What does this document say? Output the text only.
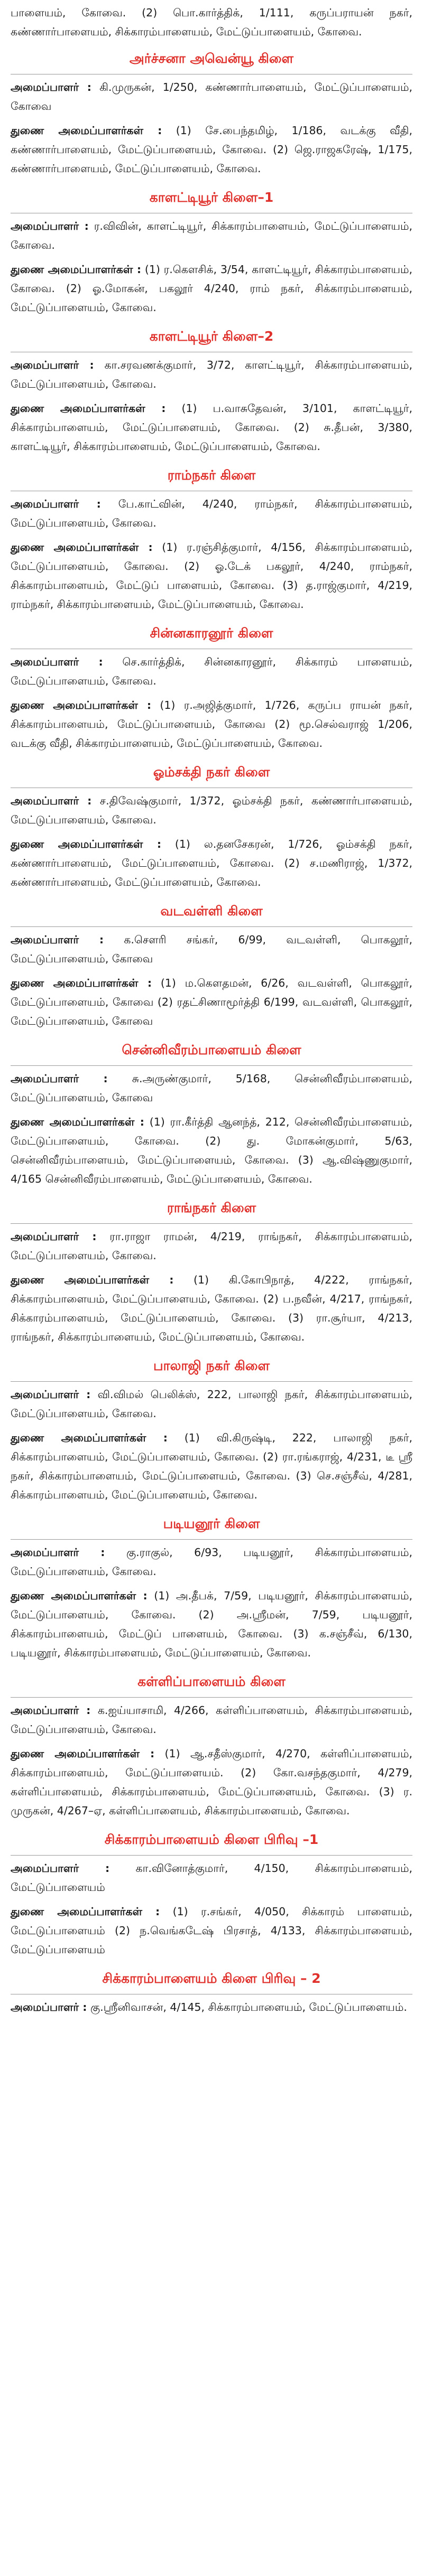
பாளையம், கோவை. (2) பொ.கார்த்திக், 1/111, கருப்பராயன் நகர், கண்ணார்பாளையம், சிக்காரம்பாளையம், மேட்டுப்பாளையம், கோவை.

அர்ச்சனா அவென்யூ கிளை

அமைப்பாளர் : கி.முருகன், 1/250, கண்ணார்பாளையம், மேட்டுப்பாளையம், கோவை

துணை அமைப்பாளர்கள் : (1) சே.பைந்தமிழ், 1/186, வடக்கு வீதி, கண்ணார்பாளையம், மேட்டுப்பாளையம், கோவை. (2) ஜெ.ராஜகரேஷ், 1/175, கண்ணார்பாளையம், மேட்டுப்பாளையம், கோவை.

காளட்டியூர் கிளை–1

அமைப்பாளர் : ர.விவின், காளட்டியூர், சிக்காரம்பாளையம், மேட்டுப்பாளையம், கோவை.

துணை அமைப்பாளர்கள் : (1) ர.கௌசிக், 3/54, காளட்டியூர், சிக்காரம்பாளையம், கோவை. (2) ஓ.மோகன், பகலூர் 4/240, ராம் நகர், சிக்காரம்பாளையம், மேட்டுப்பாளையம், கோவை.

காளட்டியூர் கிளை–2

அமைப்பாளர் : கா.சரவணக்குமார், 3/72, காளட்டியூர், சிக்காரம்பாளையம், மேட்டுப்பாளையம், கோவை.

துணை அமைப்பாளர்கள் : (1) ப.வாசுதேவன், 3/101, காளட்டியூர், சிக்காரம்பாளையம், மேட்டுப்பாளையம், கோவை. (2) சு.தீபன், 3/380, காளட்டியூர், சிக்காரம்பாளையம், மேட்டுப்பாளையம், கோவை.

ராம்நகர் கிளை

அமைப்பாளர் : பே.காட்வின், 4/240, ராம்நகர், சிக்காரம்பாளையம், மேட்டுப்பாளையம், கோவை.

துணை அமைப்பாளர்கள் : (1) ர.ரஞ்சித்குமார், 4/156, சிக்காரம்பாளையம், மேட்டுப்பாளையம், கோவை. (2) ஓ.டேக் பகலூர், 4/240, ராம்நகர், சிக்காரம்பாளையம், மேட்டுப் பாளையம், கோவை. (3) த.ராஜ்குமார், 4/219, ராம்நகர், சிக்காரம்பாளையம், மேட்டுப்பாளையம், கோவை.

சின்னகாரனூர் கிளை

அமைப்பாளர் : செ.கார்த்திக், சின்னகாரனூர், சிக்காரம் பாளையம், மேட்டுப்பாளையம், கோவை.

துணை அமைப்பாளர்கள் : (1) ர.அஜித்குமார், 1/726, கருப்ப ராயன் நகர், சிக்காரம்பாளையம், மேட்டுப்பாளையம், கோவை (2) மூ.செல்வராஜ் 1/206, வடக்கு வீதி, சிக்காரம்பாளையம், மேட்டுப்பாளையம், கோவை.

ஓம்சக்தி நகர் கிளை

அமைப்பாளர் : ச.திவேஷ்குமார், 1/372, ஓம்சக்தி நகர், கண்ணார்பாளையம், மேட்டுப்பாளையம், கோவை.

துணை அமைப்பாளர்கள் : (1) ல.தனசேகரன், 1/726, ஓம்சக்தி நகர், கண்ணார்பாளையம், மேட்டுப்பாளையம், கோவை. (2) ச.மணிராஜ், 1/372, கண்ணார்பாளையம், மேட்டுப்பாளையம், கோவை.

வடவள்ளி கிளை

அமைப்பாளர் : க.சௌரி சங்கர், 6/99, வடவள்ளி, பொகலூர், மேட்டுப்பாளையம், கோவை

துணை அமைப்பாளர்கள் : (1) ம.கௌதமன், 6/26, வடவள்ளி, பொகலூர், மேட்டுப்பாளையம், கோவை (2) ரதட்சிணாமூர்த்தி 6/199, வடவள்ளி, பொகலூர், மேட்டுப்பாளையம், கோவை

சென்னிவீரம்பாளையம் கிளை

அமைப்பாளர் : சு.அருண்குமார், 5/168, சென்னிவீரம்பாளையம், மேட்டுப்பாளையம், கோவை

துணை அமைப்பாளர்கள் : (1) ரா.கீர்த்தி ஆனந்த், 212, சென்னிவீரம்பாளையம், மேட்டுப்பாளையம், கோவை. (2) து. மோகன்குமார், 5/63, சென்னிவீரம்பாளையம், மேட்டுப்பாளையம், கோவை. (3) ஆ.விஷ்ணுகுமார், 4/165 சென்னிவீரம்பாளையம், மேட்டுப்பாளையம், கோவை.

ராங்நகர் கிளை

அமைப்பாளர் : ரா.ராஜா ராமன், 4/219, ராங்நகர், சிக்காரம்பாளையம், மேட்டுப்பாளையம், கோவை.

துணை அமைப்பாளர்கள் : (1) கி.கோபிநாத், 4/222, ராங்நகர், சிக்காரம்பாளையம், மேட்டுப்பாளையம், கோவை. (2) ப.நவீன், 4/217, ராங்நகர், சிக்காரம்பாளையம், மேட்டுப்பாளையம், கோவை. (3) ரா.சூர்யா, 4/213, ராங்நகர், சிக்காரம்பாளையம், மேட்டுப்பாளையம், கோவை.

பாலாஜி நகர் கிளை

அமைப்பாளர் : வி.விமல் பெலிக்ஸ், 222, பாலாஜி நகர், சிக்காரம்பாளையம், மேட்டுப்பாளையம், கோவை.

துணை அமைப்பாளர்கள் : (1) வி.கிருஷ்டி, 222, பாலாஜி நகர், சிக்காரம்பாளையம், மேட்டுப்பாளையம், கோவை. (2) ரா.ரங்கராஜ், 4/231, டீ ஸ்ரீ நகர், சிக்காரம்பாளையம், மேட்டுப்பாளையம், கோவை. (3) செ.சஞ்சீவ், 4/281, சிக்காரம்பாளையம், மேட்டுப்பாளையம், கோவை.

படியனூர் கிளை

அமைப்பாளர் : கு.ராகுல், 6/93, படியனூர், சிக்காரம்பாளையம், மேட்டுப்பாளையம், கோவை.

துணை அமைப்பாளர்கள் : (1) அ.தீபக், 7/59, படியனூர், சிக்காரம்பாளையம், மேட்டுப்பாளையம், கோவை. (2) அ.ஸ்ரீமன், 7/59, படியனூர், சிக்காரம்பாளையம், மேட்டுப் பாளையம், கோவை. (3) க.சஞ்சீவ், 6/130, படியனூர், சிக்காரம்பாளையம், மேட்டுப்பாளையம், கோவை.

கள்ளிப்பாளையம் கிளை

அமைப்பாளர் : க.ஐய்யாசாமி, 4/266, கள்ளிப்பாளையம், சிக்காரம்பாளையம், மேட்டுப்பாளையம், கோவை.

துணை அமைப்பாளர்கள் : (1) ஆ.சதீஸ்குமார், 4/270, கள்ளிப்பாளையம், சிக்காரம்பாளையம், மேட்டுப்பாளையம். (2) கோ.வசந்தகுமார், 4/279, கள்ளிப்பாளையம், சிக்காரம்பாளையம், மேட்டுப்பாளையம், கோவை. (3) ர. முருகன், 4/267–ஏ, கள்ளிப்பாளையம், சிக்காரம்பாளையம், கோவை.

சிக்காரம்பாளையம் கிளை பிரிவு –1

அமைப்பாளர் : கா.வினோத்குமார், 4/150, சிக்காரம்பாளையம், மேட்டுப்பாளையம்

துணை அமைப்பாளர்கள் : (1) ர.சங்கர், 4/050, சிக்காரம் பாளையம், மேட்டுப்பாளையம் (2) ந.வெங்கடேஷ் பிரசாத், 4/133, சிக்காரம்பாளையம், மேட்டுப்பாளையம்

சிக்காரம்பாளையம் கிளை பிரிவு – 2

அமைப்பாளர் : கு.ஸ்ரீனிவாசன், 4/145, சிக்காரம்பாளையம், மேட்டுப்பாளையம்.
